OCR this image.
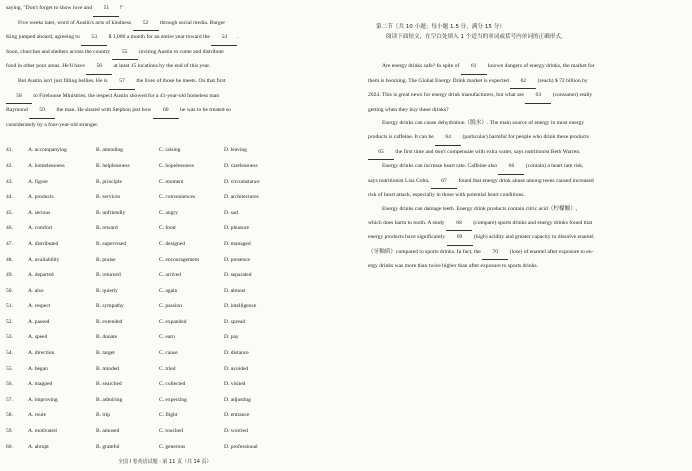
saying, "Don't forget to show love and 51 !"
Five weeks later, word of Austin's acts of kindness 52 through social media. Burger
King jumped aboard, agreeing to 53 $ 1,000 a month for an entire year toward the 54 .
Soon, churches and shelters across the country 55 inviting Austin to come and distribute
food in other poor areas. He'll have 56 at least 15 locations by the end of this year.
But Austin isn't just filling bellies. He is 57 the lives of those he meets. On that first
58 to Firehouse Ministries, the respect Austin showed for a 41-year-old homeless man
Raymond 59 the man. He shared with Stephon just how 60 he was to be treated so
considerately by a four-year-old stranger.
41.	A. accompanying	B. attending	C. raising	D. leaving
42.	A. homelessness	B. helplessness	C. hopelessness	D. carelessness
43.	A. figure	B. principle	C. moment	D. circumstance
44.	A. products	B. services	C. conveniences	D. architectures
45.	A. serious	B. unfriendly	C. angry	D. sad
46.	A. comfort	B. reward	C. food	D. pleasure
47.	A. distributed	B. supervised	C. designed	D. managed
48.	A. availability	B. praise	C. encouragement	D. presence
49.	A. departed	B. returned	C. arrived	D. separated
50.	A. also	B. quietly	C. again	D. almost
51.	A. respect	B. sympathy	C. passion	D. intelligence
52.	A. passed	B. extended	C. expanded	D. spread
53.	A. speed	B. donate	C. earn	D. pay
54.	A. direction	B. target	C. cause	D. distance
55.	A. began	B. minded	C. tried	D. avoided
56.	A. mapped	B. searched	C. collected	D. visited
57.	A. improving	B. admiring	C. expecting	D. adjusting
58.	A. route	B. trip	C. flight	D. entrance
59.	A. motivated	B. amused	C. touched	D. worried
60.	A. abrupt	B. grateful	C. generous	D. professional
全国 I 卷英语试题 · 第 11 页（共 14 页）
第二节（共 10 小题；每小题 1.5 分，满分 15 分）
阅读下面短文，在空白处填入 1 个适当的单词或括号内单词的正确形式。
Are energy drinks safe? In spite of 61 known dangers of energy drinks, the market for
them is booming. The Global Energy Drink market is expected 62 (reach) $ 72 billion by
2024. This is great news for energy drink manufacturers, but what are 63 (consumer) really
getting when they buy these drinks?
Energy drinks can cause dehydration（脱水）. The main source of energy in most energy
products is caffeine. It can be 64 (particular) harmful for people who drink these products
65 the first time and don't compensate with extra water, says nutritionist Beth Warren.
Energy drinks can increase heart rate. Caffeine also 66 (contain) a heart rate risk,
says nutritionist Lisa Cohn, 67 found that energy drink abuse among teens caused increased
risk of heart attack, especially in those with potential heart conditions.
Energy drinks can damage teeth. Energy drink products contain citric acid（柠檬酸）,
which does harm to tooth. A study 68 (compare) sports drinks and energy drinks found that
energy products have significantly 69 (high) acidity and greater capacity to dissolve enamel
（牙釉质）compared to sports drinks. In fact, the 70 (lose) of enamel after exposure to en-
ergy drinks was more than twice higher than after exposure to sports drinks.
